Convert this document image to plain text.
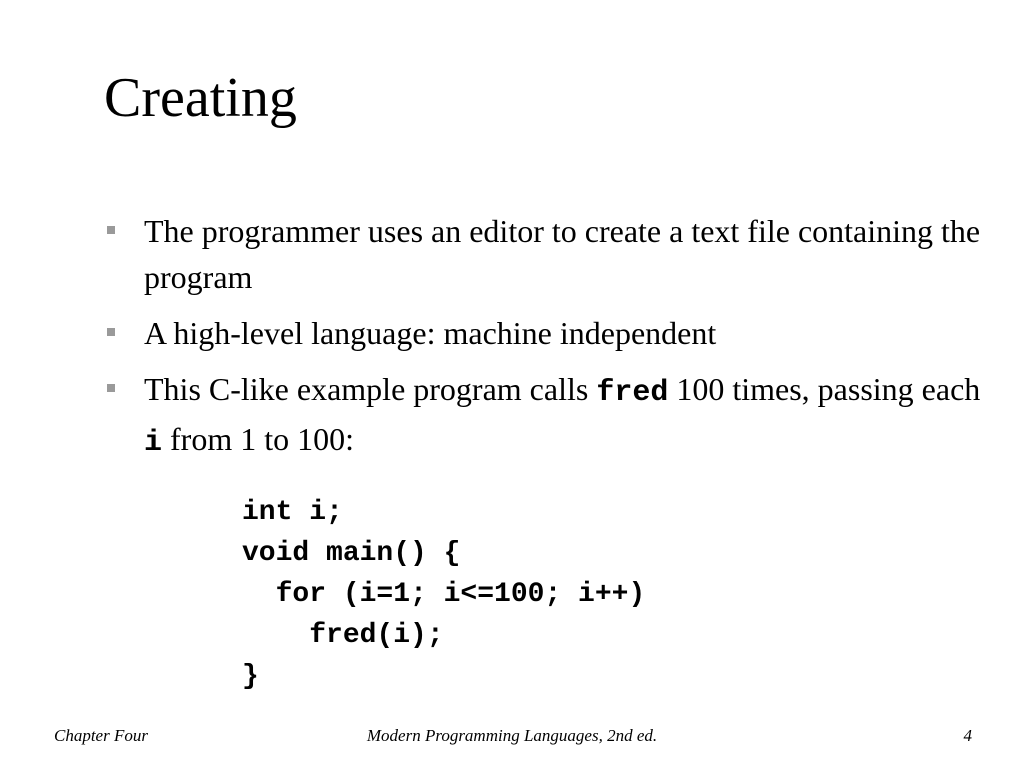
Creating
The programmer uses an editor to create a text file containing the program
A high-level language: machine independent
This C-like example program calls fred 100 times, passing each i from 1 to 100:
int i;
void main() {
for (i=1; i<=100; i++)
fred(i);
}
Chapter Four	Modern Programming Languages, 2nd ed.	4
